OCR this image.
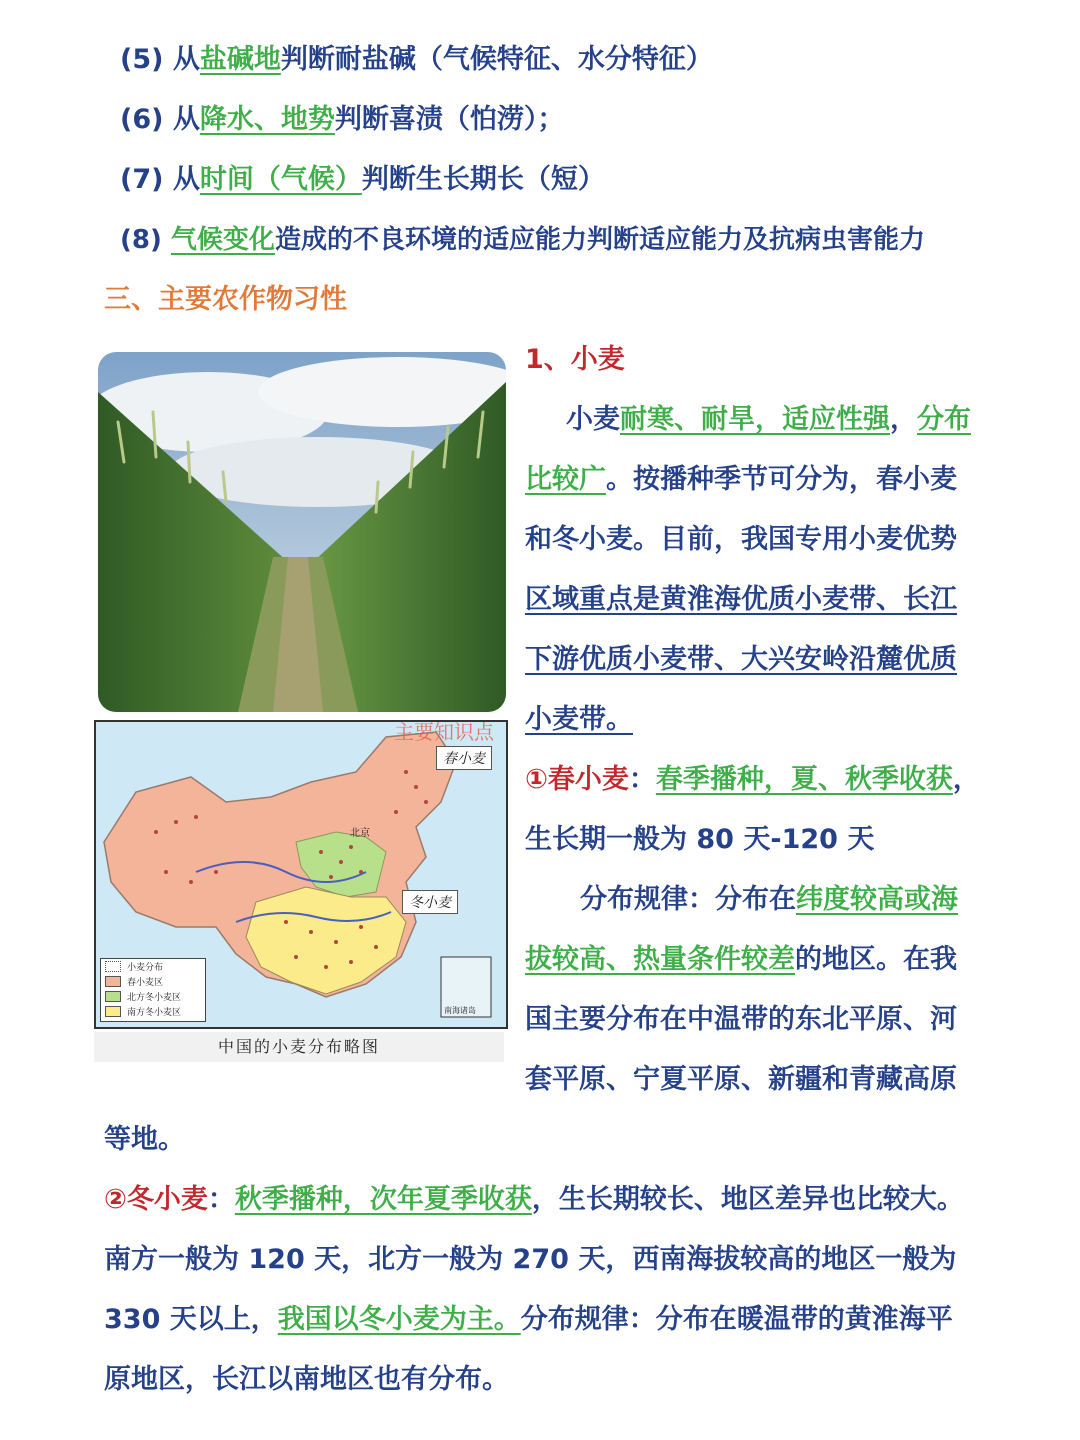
(5) 从盐碱地判断耐盐碱（气候特征、水分特征）
(6) 从降水、地势判断喜渍（怕涝）；
(7) 从时间（气候）判断生长期长（短）
(8) 气候变化造成的不良环境的适应能力判断适应能力及抗病虫害能力
三、主要农作物习性
主要知识点
春小麦
冬小麦
北京
南海诸岛
小麦分布
春小麦区
北方冬小麦区
南方冬小麦区
中国的小麦分布略图
1、小麦
小麦耐寒、耐旱，适应性强，分布
比较广。按播种季节可分为，春小麦
和冬小麦。目前，我国专用小麦优势
区域重点是黄淮海优质小麦带、长江
下游优质小麦带、大兴安岭沿麓优质
小麦带。
①春小麦：春季播种，夏、秋季收获，
生长期一般为 80 天-120 天
分布规律：分布在纬度较高或海
拔较高、热量条件较差的地区。在我
国主要分布在中温带的东北平原、河
套平原、宁夏平原、新疆和青藏高原
等地。
②冬小麦：秋季播种，次年夏季收获，生长期较长、地区差异也比较大。
南方一般为 120 天，北方一般为 270 天，西南海拔较高的地区一般为
330 天以上，我国以冬小麦为主。分布规律：分布在暖温带的黄淮海平
原地区，长江以南地区也有分布。
